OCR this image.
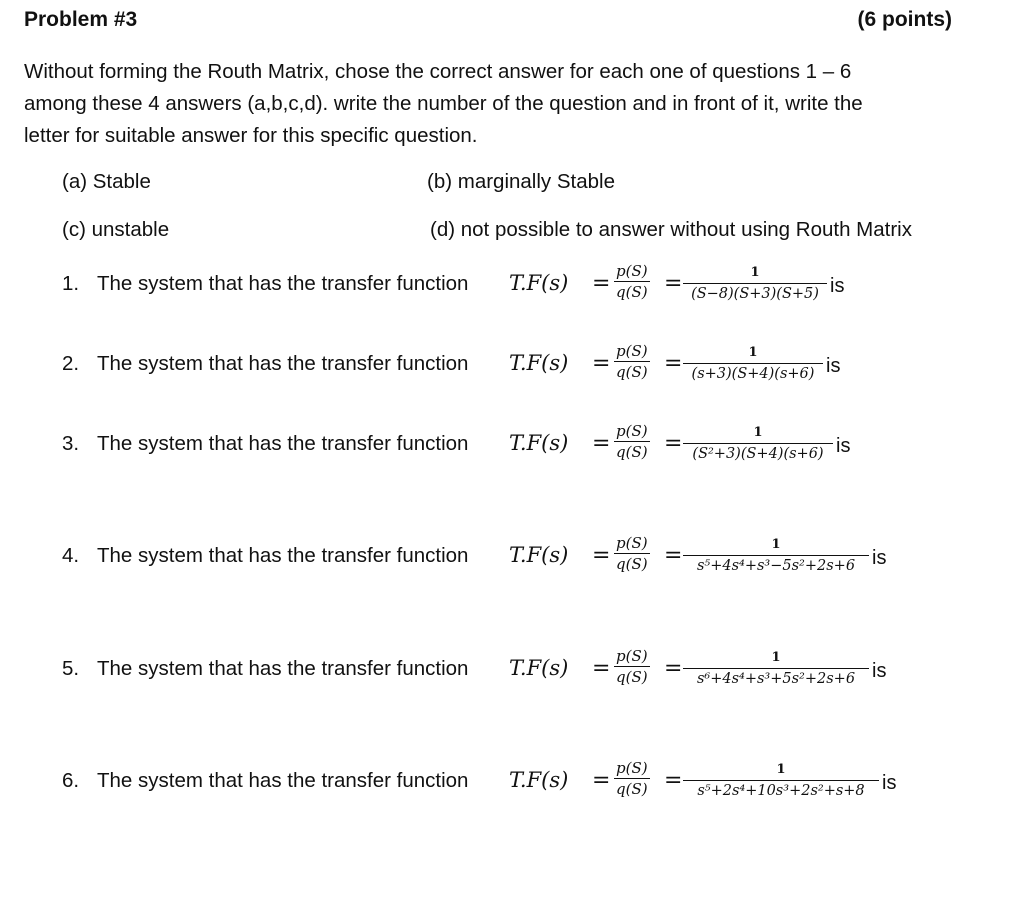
Problem #3	(6 points)
Without forming the Routh Matrix, chose the correct answer for each one of questions 1 – 6
among these 4 answers (a,b,c,d). write the number of the question and in front of it, write the
letter for suitable answer for this specific question.
(a) Stable	(b) marginally Stable
(c) unstable	(d) not possible to answer without using Routh Matrix
1. The system that has the transfer function $T.F(s) = \frac{p(S)}{q(S)} = \frac{1}{(S-8)(S+3)(S+5)}$ is
2. The system that has the transfer function $T.F(s) = \frac{p(S)}{q(S)} = \frac{1}{(s+3)(S+4)(s+6)}$ is
3. The system that has the transfer function $T.F(s) = \frac{p(S)}{q(S)} = \frac{1}{\text{(S²+3)(S+4)(s+6)}}$ is
4. The system that has the transfer function $T.F(s) = \frac{p(S)}{q(S)} = \frac{1}{\text{s⁵+4s⁴+s³−5s²+2s+6}}$ is
5. The system that has the transfer function $T.F(s) = \frac{p(S)}{q(S)} = \frac{1}{\text{s⁶+4s⁴+s³+5s²+2s+6}}$ is
6. The system that has the transfer function $T.F(s) = \frac{p(S)}{q(S)} = \frac{1}{\text{s⁵+2s⁴+10s³+2s²+s+8}}$ is
